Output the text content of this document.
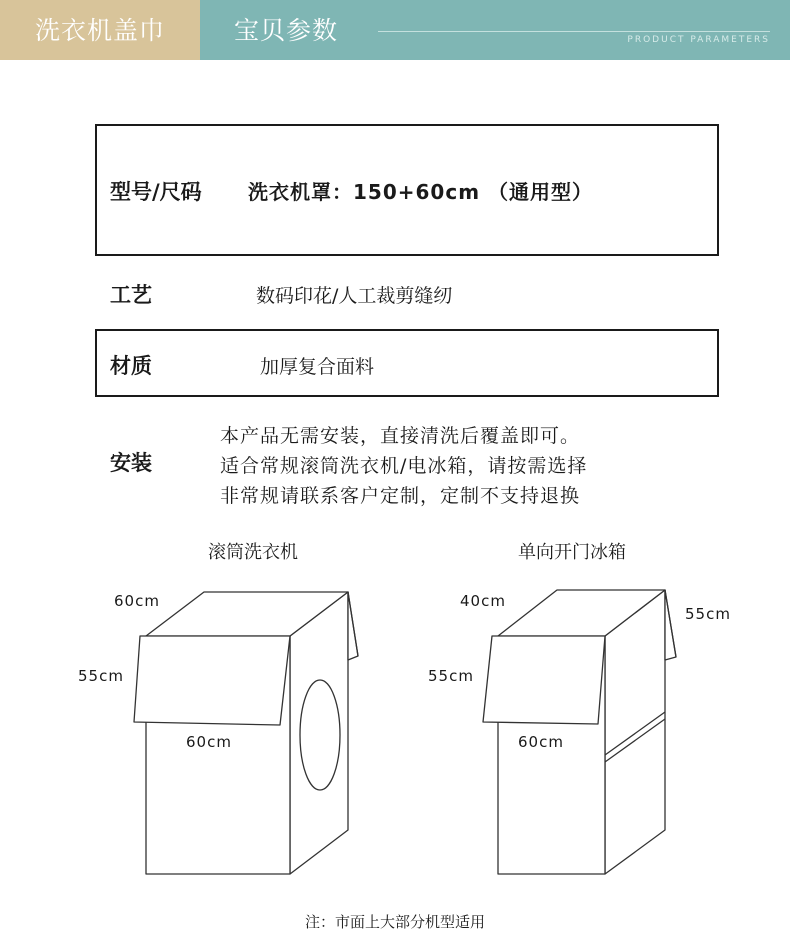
洗衣机盖巾	宝贝参数	PRODUCT PARAMETERS
型号/尺码 洗衣机罩：150+60cm （通用型）
工艺	数码印花/人工裁剪缝纫
材质	加厚复合面料
安装
本产品无需安装，直接清洗后覆盖即可。
适合常规滚筒洗衣机/电冰箱，请按需选择
非常规请联系客户定制，定制不支持退换
滚筒洗衣机	单向开门冰箱
60cm
55cm
60cm
40cm
55cm
55cm
60cm
注：市面上大部分机型适用
